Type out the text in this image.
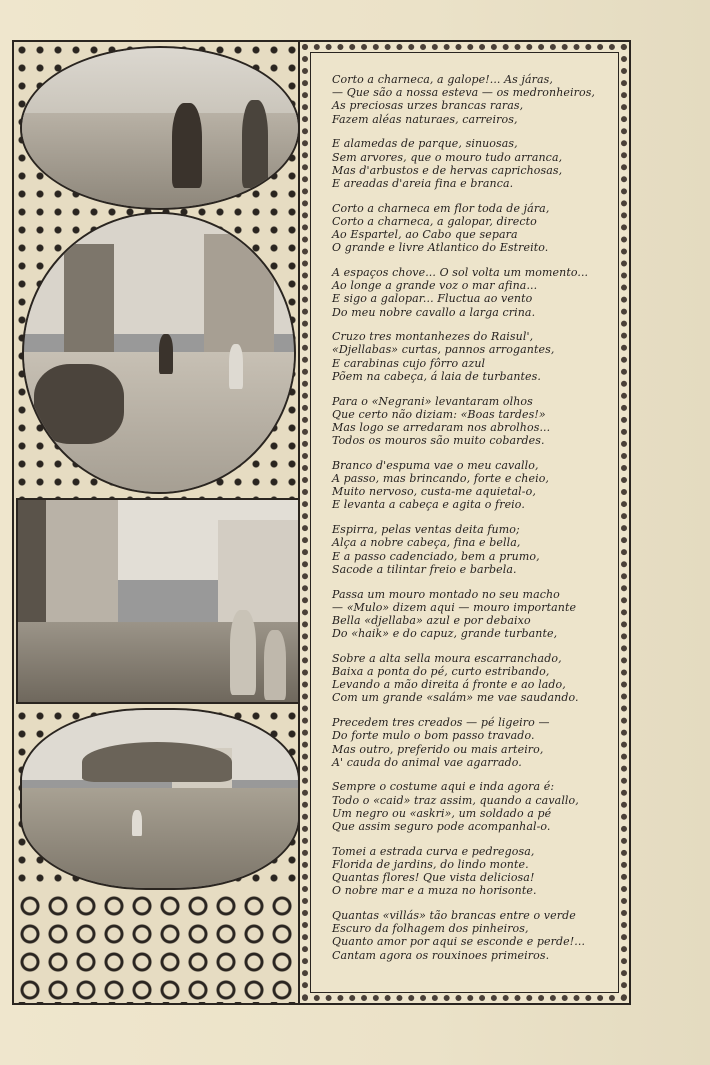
Corto a charneca, a galope!... As járas,
— Que são a nossa esteva — os medronheiros,
As preciosas urzes brancas raras,
Fazem aléas naturaes, carreiros,
E alamedas de parque, sinuosas,
Sem arvores, que o mouro tudo arranca,
Mas d'arbustos e de hervas caprichosas,
E areadas d'areia fina e branca.
Corto a charneca em flor toda de jára,
Corto a charneca, a galopar, directo
Ao Espartel, ao Cabo que separa
O grande e livre Atlantico do Estreito.
A espaços chove... O sol volta um momento...
Ao longe a grande voz o mar afina...
E sigo a galopar... Fluctua ao vento
Do meu nobre cavallo a larga crina.
Cruzo tres montanhezes do Raisul',
«Djellabas» curtas, pannos arrogantes,
E carabinas cujo fôrro azul
Põem na cabeça, á laia de turbantes.
Para o «Negrani» levantaram olhos
Que certo não diziam: «Boas tardes!»
Mas logo se arredaram nos abrolhos...
Todos os mouros são muito cobardes.
Branco d'espuma vae o meu cavallo,
A passo, mas brincando, forte e cheio,
Muito nervoso, custa-me aquietal-o,
E levanta a cabeça e agita o freio.
Espirra, pelas ventas deita fumo;
Alça a nobre cabeça, fina e bella,
E a passo cadenciado, bem a prumo,
Sacode a tilintar freio e barbela.
Passa um mouro montado no seu macho
— «Mulo» dizem aqui — mouro importante
Bella «djellaba» azul e por debaixo
Do «haik» e do capuz, grande turbante,
Sobre a alta sella moura escarranchado,
Baixa a ponta do pé, curto estribando,
Levando a mão direita á fronte e ao lado,
Com um grande «salám» me vae saudando.
Precedem tres creados — pé ligeiro —
Do forte mulo o bom passo travado.
Mas outro, preferido ou mais arteiro,
A' cauda do animal vae agarrado.
Sempre o costume aqui e inda agora é:
Todo o «caid» traz assim, quando a cavallo,
Um negro ou «askri», um soldado a pé
Que assim seguro pode acompanhal-o.
Tomei a estrada curva e pedregosa,
Florida de jardins, do lindo monte.
Quantas flores! Que vista deliciosa!
O nobre mar e a muza no horisonte.
Quantas «villás» tão brancas entre o verde
Escuro da folhagem dos pinheiros,
Quanto amor por aqui se esconde e perde!...
Cantam agora os rouxinoes primeiros.
